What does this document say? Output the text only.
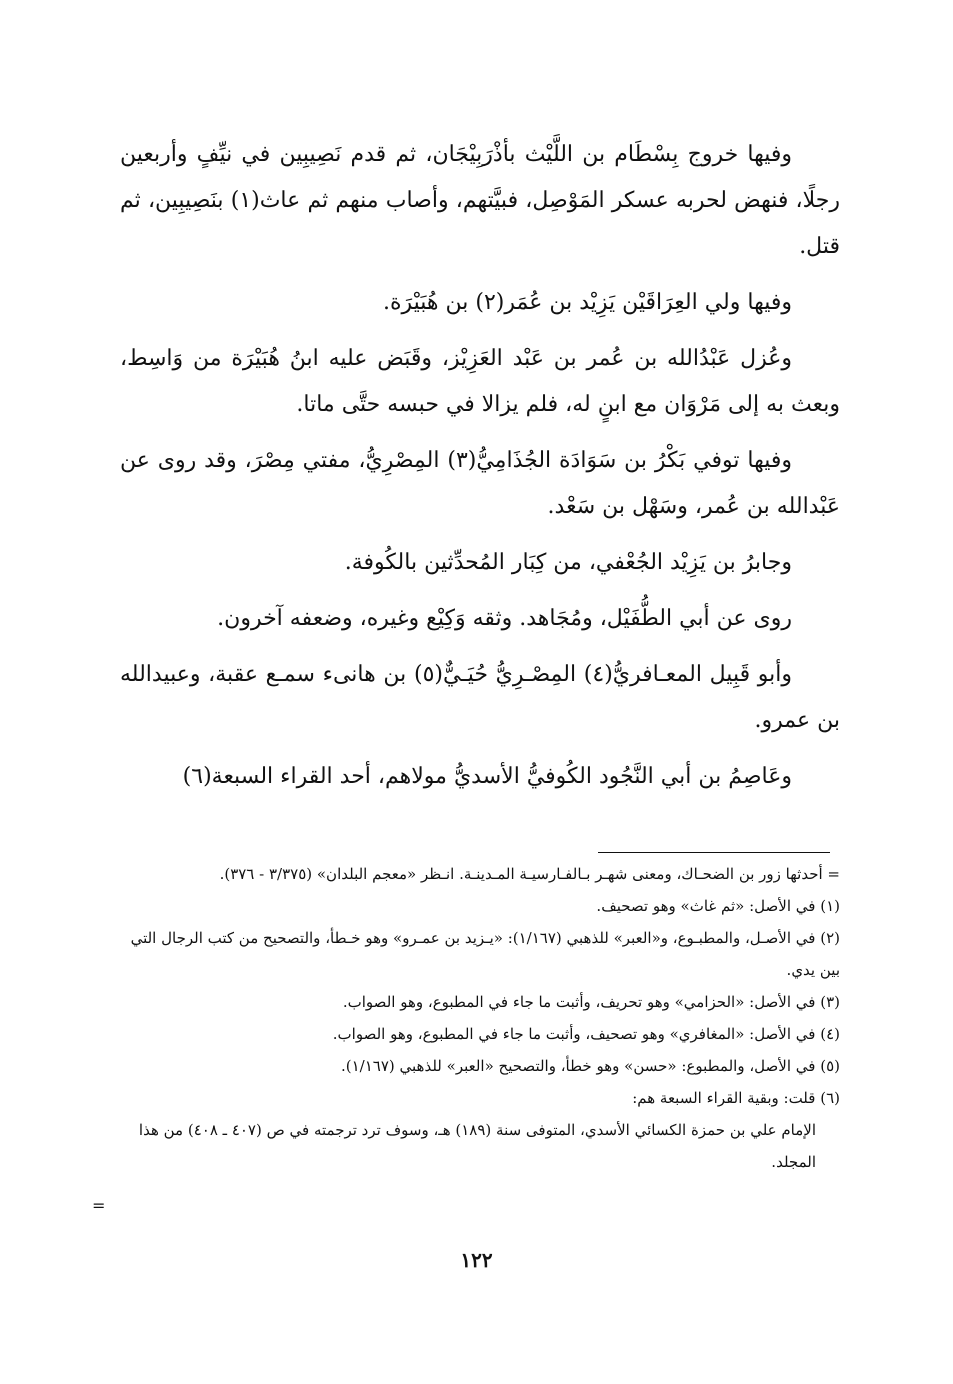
وفيها خروج بِسْطَام بن اللَّيْث بأذْرَبِيْجَان، ثم قدم نَصِيبِين في نيِّفٍ وأربعين رجلًا، فنهض لحربه عسكر المَوْصِل، فبيَّتهم، وأصاب منهم ثم عاث(١) بنَصِيبِين، ثم قتل.

وفيها ولي العِرَاقَيْن يَزِيْد بن عُمَر(٢) بن هُبَيْرَة.

وعُزل عَبْدُالله بن عُمر بن عَبْد العَزِيْز، وقَبَض عليه ابنُ هُبَيْرَة من وَاسِط، وبعث به إلى مَرْوَان مع ابنٍ له، فلم يزالا في حبسه حتَّى ماتا.

وفيها توفي بَكْرُ بن سَوَادَة الجُذَامِيُّ(٣) المِصْرِيُّ، مفتي مِصْرَ، وقد روى عن عَبْدالله بن عُمر، وسَهْل بن سَعْد.

وجابرُ بن يَزِيْد الجُعْفي، من كِبَار المُحدِّثين بالكُوفة.

روى عن أبي الطُّفَيْل، ومُجَاهد. وثقه وَكِيْع وغيره، وضعفه آخرون.

وأبو قَبِيل المعـافريُّ(٤) المِصْـرِيُّ حُيَـيٌّ(٥) بن هانىء سمـع عقبة، وعبيدالله بن عمرو.

وعَاصِمُ بن أبي النَّجُود الكُوفيُّ الأسديُّ مولاهم، أحد القراء السبعة(٦)

= أحدثها زور بن الضحـاك، ومعنى شهـر بـالفـارسيـة المـدينـة. انـظر «معجم البلدان» (٣/٣٧٥ - ٣٧٦).

(١) في الأصل: «ثم غاث» وهو تصحيف.

(٢) في الأصـل، والمطبـوع، و«العبر» للذهبي (١/١٦٧): «يـزيد بن عمـرو» وهو خـطأ، والتصحيح من كتب الرجال التي بين يدي.

(٣) في الأصل: «الحزامي» وهو تحريف، وأثبت ما جاء في المطبوع، وهو الصواب.

(٤) في الأصل: «المغافري» وهو تصحيف، وأثبت ما جاء في المطبوع، وهو الصواب.

(٥) في الأصل، والمطبوع: «حسن» وهو خطأ، والتصحيح «العبر» للذهبي (١/١٦٧).

(٦) قلت: وبقية القراء السبعة هم:

الإمام علي بن حمزة الكسائي الأسدي، المتوفى سنة (١٨٩) هـ، وسوف ترد ترجمته في ص (٤٠٧ ـ ٤٠٨) من هذا المجلد.

=
١٢٢
